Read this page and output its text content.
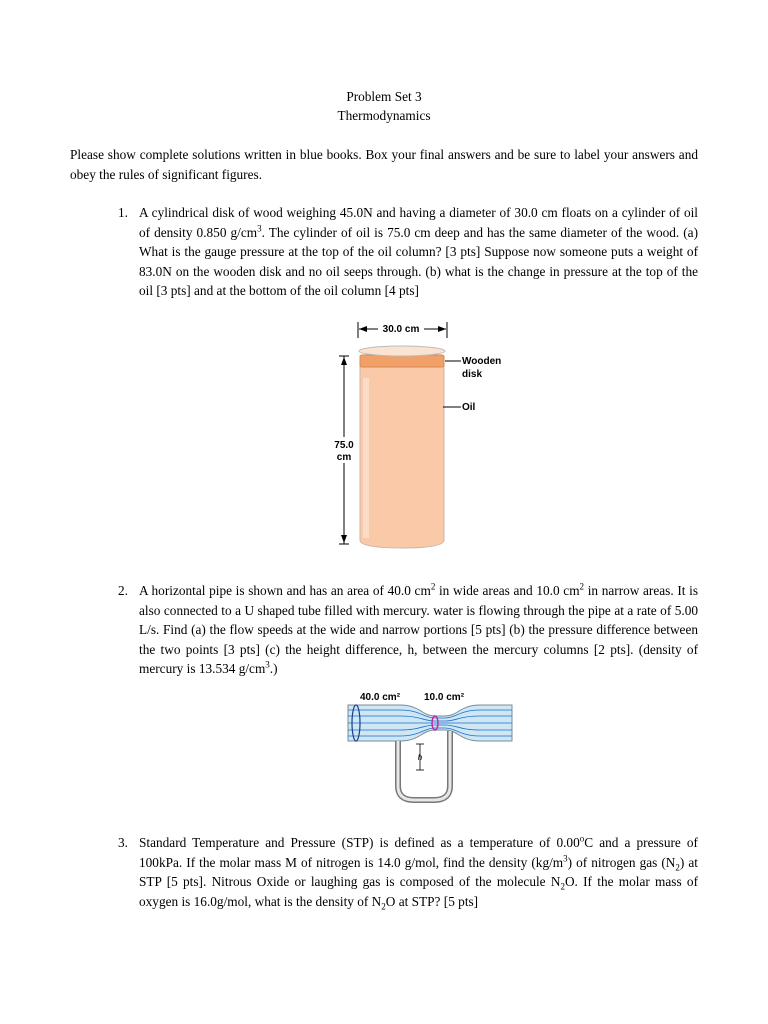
Problem Set 3
Thermodynamics
Please show complete solutions written in blue books. Box your final answers and be sure to label your answers and obey the rules of significant figures.
1. A cylindrical disk of wood weighing 45.0N and having a diameter of 30.0 cm floats on a cylinder of oil of density 0.850 $g/cm^3$. The cylinder of oil is 75.0 cm deep and has the same diameter of the wood. (a) What is the gauge pressure at the top of the oil column? [3 pts] Suppose now someone puts a weight of 83.0N on the wooden disk and no oil seeps through. (b) what is the change in pressure at the top of the oil [3 pts] and at the bottom of the oil column [4 pts]
30.0 cm
75.0
cm
Wooden
disk
Oil
2. A horizontal pipe is shown and has an area of 40.0 $cm^2$ in wide areas and 10.0 $cm^2$ in narrow areas. It is also connected to a U shaped tube filled with mercury. water is flowing through the pipe at a rate of 5.00 L/s. Find (a) the flow speeds at the wide and narrow portions [5 pts] (b) the pressure difference between the two points [3 pts] (c) the height difference, h, between the mercury columns [2 pts]. (density of mercury is 13.534 $g/cm^3$.)
40.0 cm² 10.0 cm²
h
3. Standard Temperature and Pressure (STP) is defined as a temperature of 0.00$^o$C and a pressure of 100kPa. If the molar mass M of nitrogen is 14.0 g/mol, find the density $(kg/m^3)$ of nitrogen gas $(N_2)$ at STP [5 pts]. Nitrous Oxide or laughing gas is composed of the molecule $N_2O$. If the molar mass of oxygen is 16.0g/mol, what is the density of $N_2O$ at STP? [5 pts]
